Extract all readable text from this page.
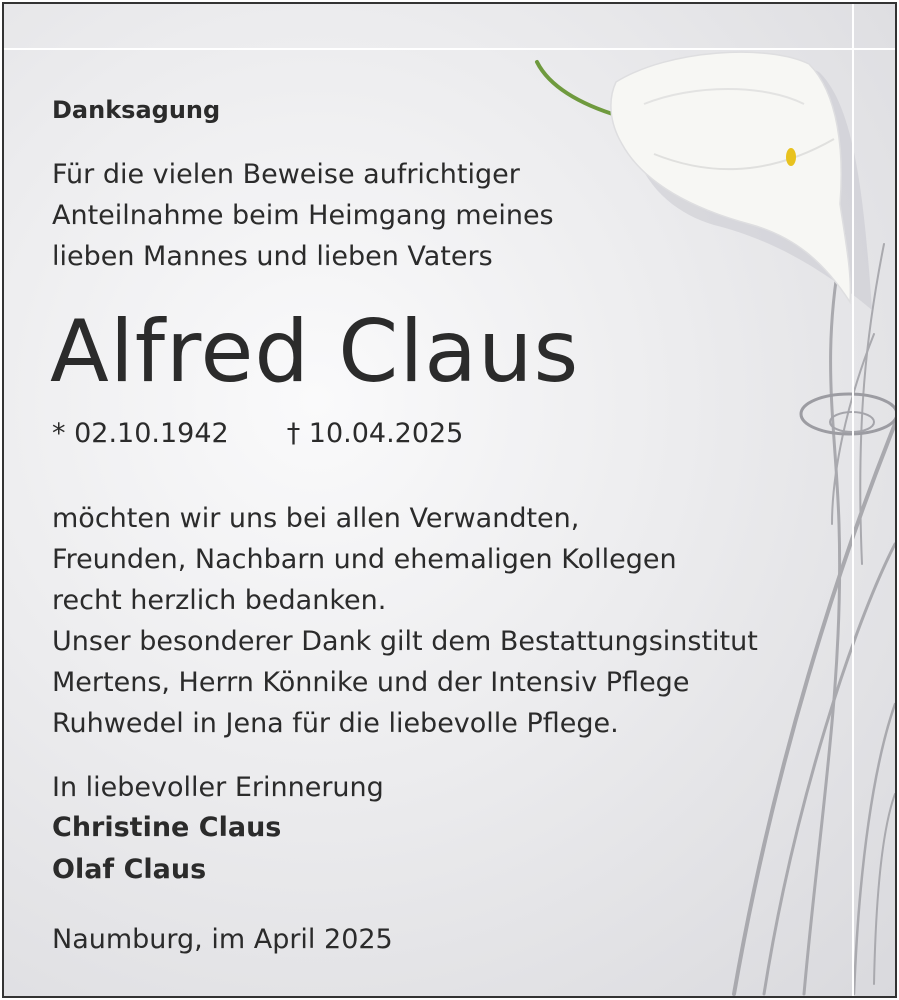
Danksagung
Für die vielen Beweise aufrichtiger
Anteilnahme beim Heimgang meines
lieben Mannes und lieben Vaters
Alfred Claus
* 02.10.1942 † 10.04.2025
möchten wir uns bei allen Verwandten,
Freunden, Nachbarn und ehemaligen Kollegen
recht herzlich bedanken.
Unser besonderer Dank gilt dem Bestattungsinstitut
Mertens, Herrn Könnike und der Intensiv Pflege
Ruhwedel in Jena für die liebevolle Pflege.
In liebevoller Erinnerung
Christine Claus
Olaf Claus
Naumburg, im April 2025
